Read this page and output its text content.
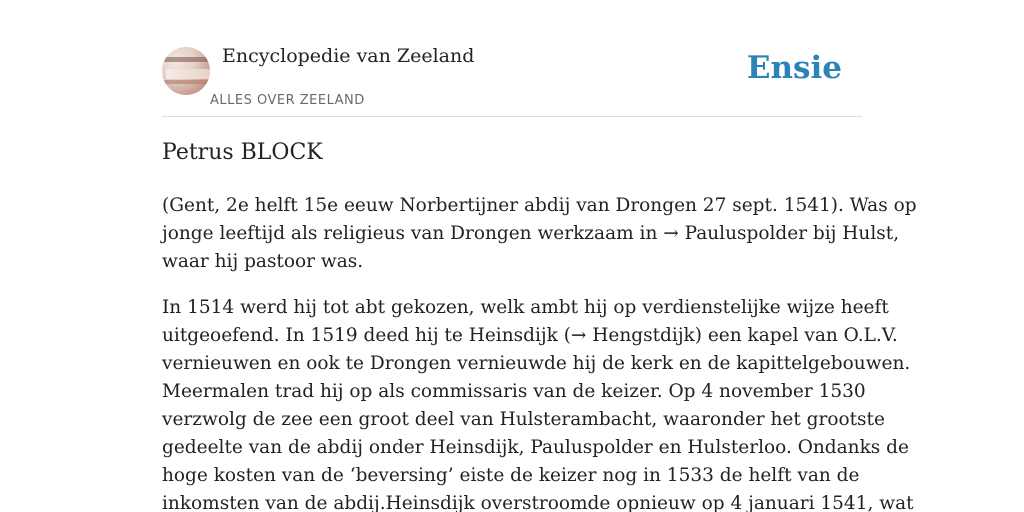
Encyclopedie van Zeeland
ALLES OVER ZEELAND
Ensie
Petrus BLOCK

(Gent, 2e helft 15e eeuw Norbertijner abdij van Drongen 27 sept. 1541). Was op
jonge leeftijd als religieus van Drongen werkzaam in → Pauluspolder bij Hulst,
waar hij pastoor was.

In 1514 werd hij tot abt gekozen, welk ambt hij op verdienstelijke wijze heeft
uitgeoefend. In 1519 deed hij te Heinsdijk (→ Hengstdijk) een kapel van O.L.V.
vernieuwen en ook te Drongen vernieuwde hij de kerk en de kapittelgebouwen.
Meermalen trad hij op als commissaris van de keizer. Op 4 november 1530
verzwolg de zee een groot deel van Hulsterambacht, waaronder het grootste
gedeelte van de abdij onder Heinsdijk, Pauluspolder en Hulsterloo. Ondanks de
hoge kosten van de ‘beversing’ eiste de keizer nog in 1533 de helft van de
inkomsten van de abdij.Heinsdijk overstroomde opnieuw op 4 januari 1541, wat
